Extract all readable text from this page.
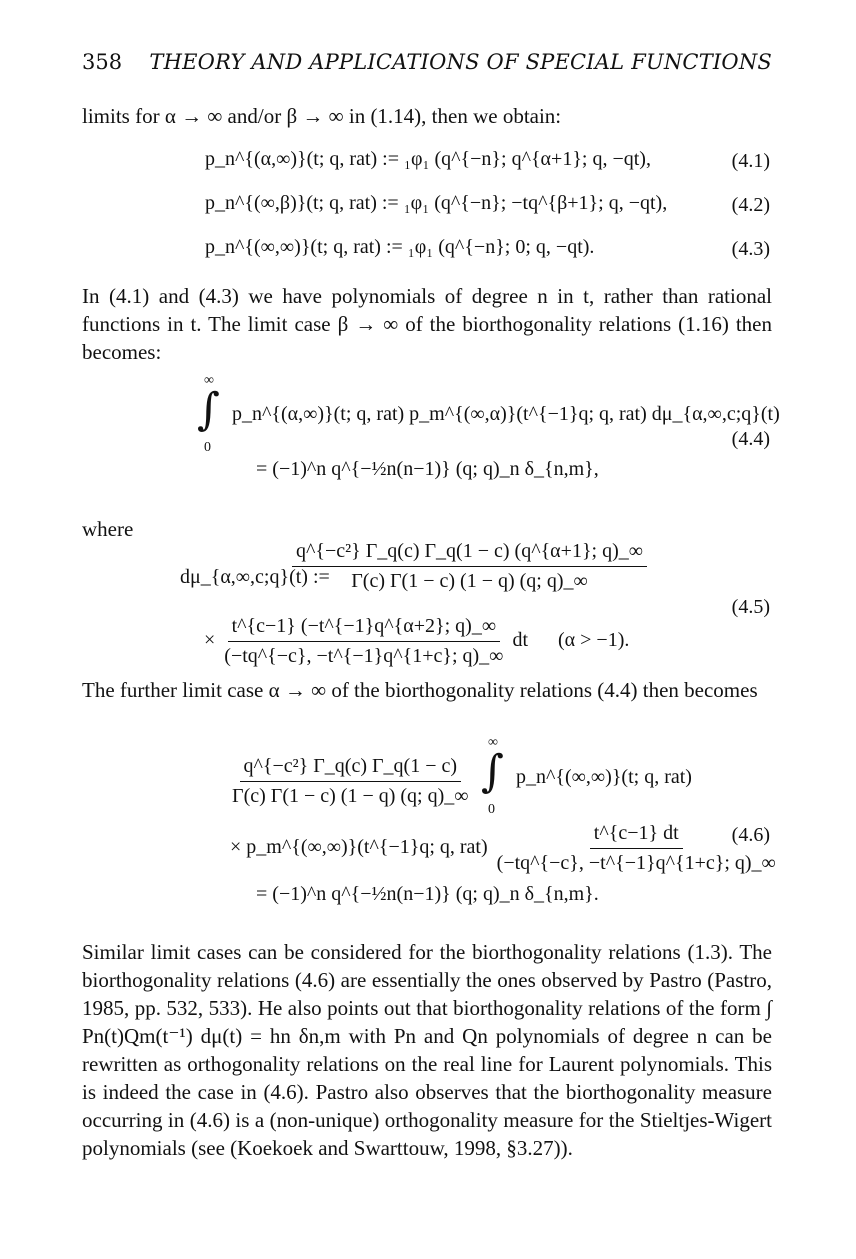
358 THEORY AND APPLICATIONS OF SPECIAL FUNCTIONS
limits for α → ∞ and/or β → ∞ in (1.14), then we obtain:
p_n^{(α,∞)}(t; q, rat) := ₁φ₁ (q^{−n}; q^{α+1}; q, −qt),	(4.1)
p_n^{(∞,β)}(t; q, rat) := ₁φ₁ (q^{−n}; −tq^{β+1}; q, −qt),	(4.2)
p_n^{(∞,∞)}(t; q, rat) := ₁φ₁ (q^{−n}; 0; q, −qt).	(4.3)
In (4.1) and (4.3) we have polynomials of degree n in t, rather than rational functions in t. The limit case β → ∞ of the biorthogonality relations (1.16) then becomes:
∞
∫
0
p_n^{(α,∞)}(t; q, rat) p_m^{(∞,α)}(t^{−1}q; q, rat) dμ_{α,∞,c;q}(t)
(4.4)
= (−1)^n q^{−½n(n−1)} (q; q)_n δ_{n,m},
where
dμ_{α,∞,c;q}(t) :=
$\frac{\text{q\textasciicircum{}\{−c²\} Γ\_q(c) Γ\_q(1 − c) (q\textasciicircum{}\{α+1\}; q)\_∞}}{\Gamma(c) \Gamma(1 - c) (1 - q) (q; q)\_\infty}$
(4.5)
× $\frac{t\^{}\{c-1\} (-t\^{}\{-1\}q\^{}\{\alpha+2\}; q)\_\infty}{(-tq\^{}\{-c\}, -t\^{}\{-1\}q\^{}\{1+c\}; q)\_\infty}$ dt      (α > −1).
The further limit case α → ∞ of the biorthogonality relations (4.4) then becomes
$\frac{\text{q\textasciicircum{}\{−c²\} Γ\_q(c) Γ\_q(1 − c)}}{\Gamma(c) \Gamma(1 - c) (1 - q) (q; q)\_\infty}$
∞
∫
0
p_n^{(∞,∞)}(t; q, rat)
(4.6)
× p_m^{(∞,∞)}(t^{−1}q; q, $rat) \frac{t\^{}\{c-1\} dt}{(-tq\^{}\{-c\}, -t\^{}\{-1\}q\^{}\{1+c\}; q)\_\infty}$
= (−1)^n q^{−½n(n−1)} (q; q)_n δ_{n,m}.
Similar limit cases can be considered for the biorthogonality relations (1.3). The biorthogonality relations (4.6) are essentially the ones observed by Pastro (Pastro, 1985, pp. 532, 533). He also points out that biorthogonality relations of the form ∫ Pn(t)Qm(t⁻¹) dμ(t) = hn δn,m with Pn and Qn polynomials of degree n can be rewritten as orthogonality relations on the real line for Laurent polynomials. This is indeed the case in (4.6). Pastro also observes that the biorthogonality measure occurring in (4.6) is a (non-unique) orthogonality measure for the Stieltjes-Wigert polynomials (see (Koekoek and Swarttouw, 1998, §3.27)).
